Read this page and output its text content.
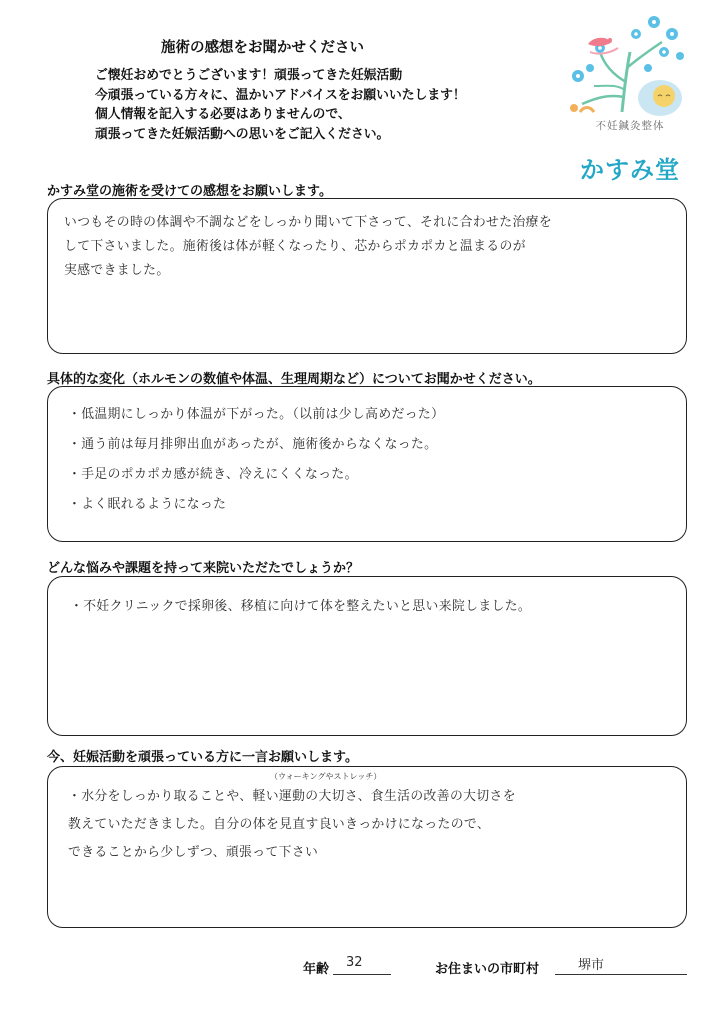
施術の感想をお聞かせください
ご懐妊おめでとうございます！頑張ってきた妊娠活動
今頑張っている方々に、温かいアドバイスをお願いいたします！
個人情報を記入する必要はありませんので、
頑張ってきた妊娠活動への思いをご記入ください。
不妊鍼灸整体
かすみ堂
かすみ堂の施術を受けての感想をお願いします。
いつもその時の体調や不調などをしっかり聞いて下さって、それに合わせた治療を
して下さいました。施術後は体が軽くなったり、芯からポカポカと温まるのが
実感できました。
具体的な変化（ホルモンの数値や体温、生理周期など）についてお聞かせください。
・低温期にしっかり体温が下がった。（以前は少し高めだった）
・通う前は毎月排卵出血があったが、施術後からなくなった。
・手足のポカポカ感が続き、冷えにくくなった。
・よく眠れるようになった
どんな悩みや課題を持って来院いただたでしょうか？
・不妊クリニックで採卵後、移植に向けて体を整えたいと思い来院しました。
今、妊娠活動を頑張っている方に一言お願いします。
（ウォーキングやストレッチ）
・水分をしっかり取ることや、軽い運動の大切さ、食生活の改善の大切さを
教えていただきました。自分の体を見直す良いきっかけになったので、
できることから少しずつ、頑張って下さい
年齢 32	お住まいの市町村	堺市
